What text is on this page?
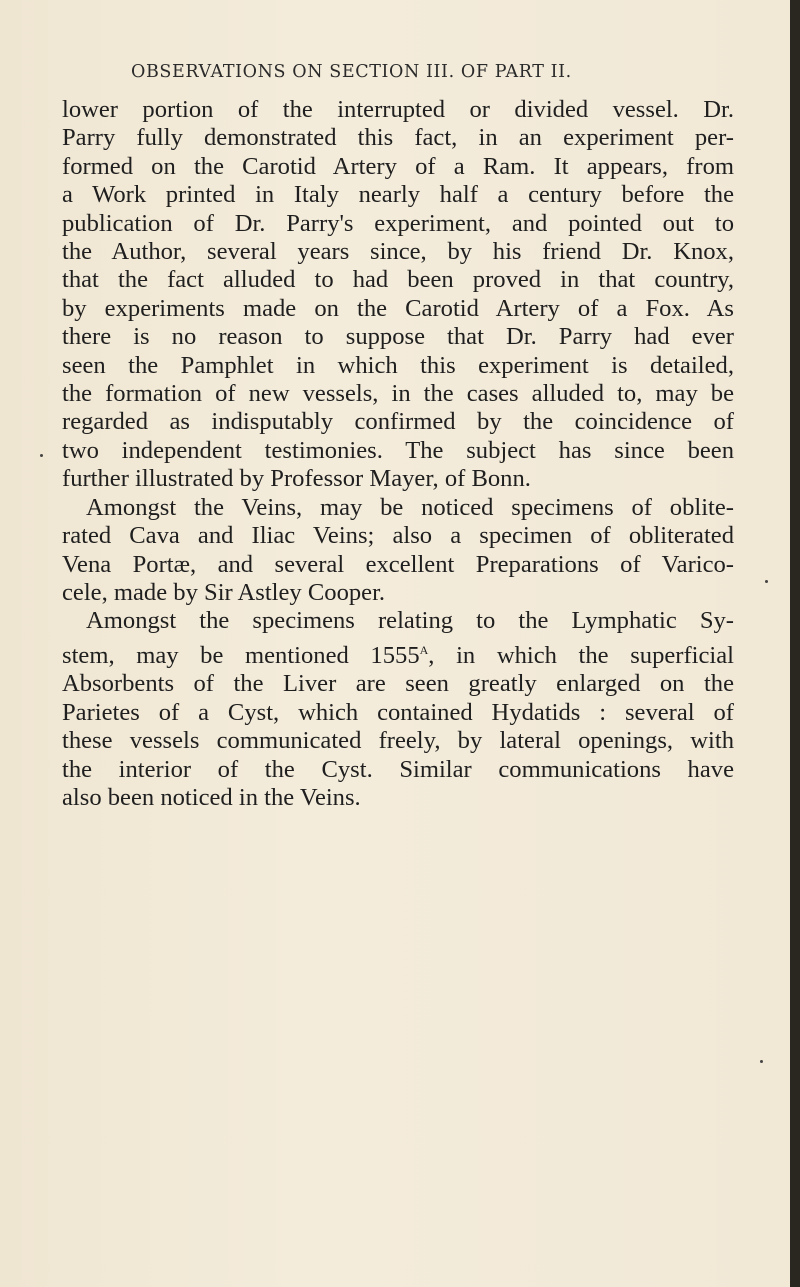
OBSERVATIONS ON SECTION III. OF PART II.
lower portion of the interrupted or divided vessel. Dr.
Parry fully demonstrated this fact, in an experiment per-
formed on the Carotid Artery of a Ram. It appears, from
a Work printed in Italy nearly half a century before the
publication of Dr. Parry's experiment, and pointed out to
the Author, several years since, by his friend Dr. Knox,
that the fact alluded to had been proved in that country,
by experiments made on the Carotid Artery of a Fox. As
there is no reason to suppose that Dr. Parry had ever
seen the Pamphlet in which this experiment is detailed,
the formation of new vessels, in the cases alluded to, may be
regarded as indisputably confirmed by the coincidence of
two independent testimonies. The subject has since been
further illustrated by Professor Mayer, of Bonn.
Amongst the Veins, may be noticed specimens of oblite-
rated Cava and Iliac Veins; also a specimen of obliterated
Vena Portæ, and several excellent Preparations of Varico-
cele, made by Sir Astley Cooper.
Amongst the specimens relating to the Lymphatic Sy-
stem, may be mentioned $1555^A$, in which the superficial
Absorbents of the Liver are seen greatly enlarged on the
Parietes of a Cyst, which contained Hydatids : several of
these vessels communicated freely, by lateral openings, with
the interior of the Cyst. Similar communications have
also been noticed in the Veins.
